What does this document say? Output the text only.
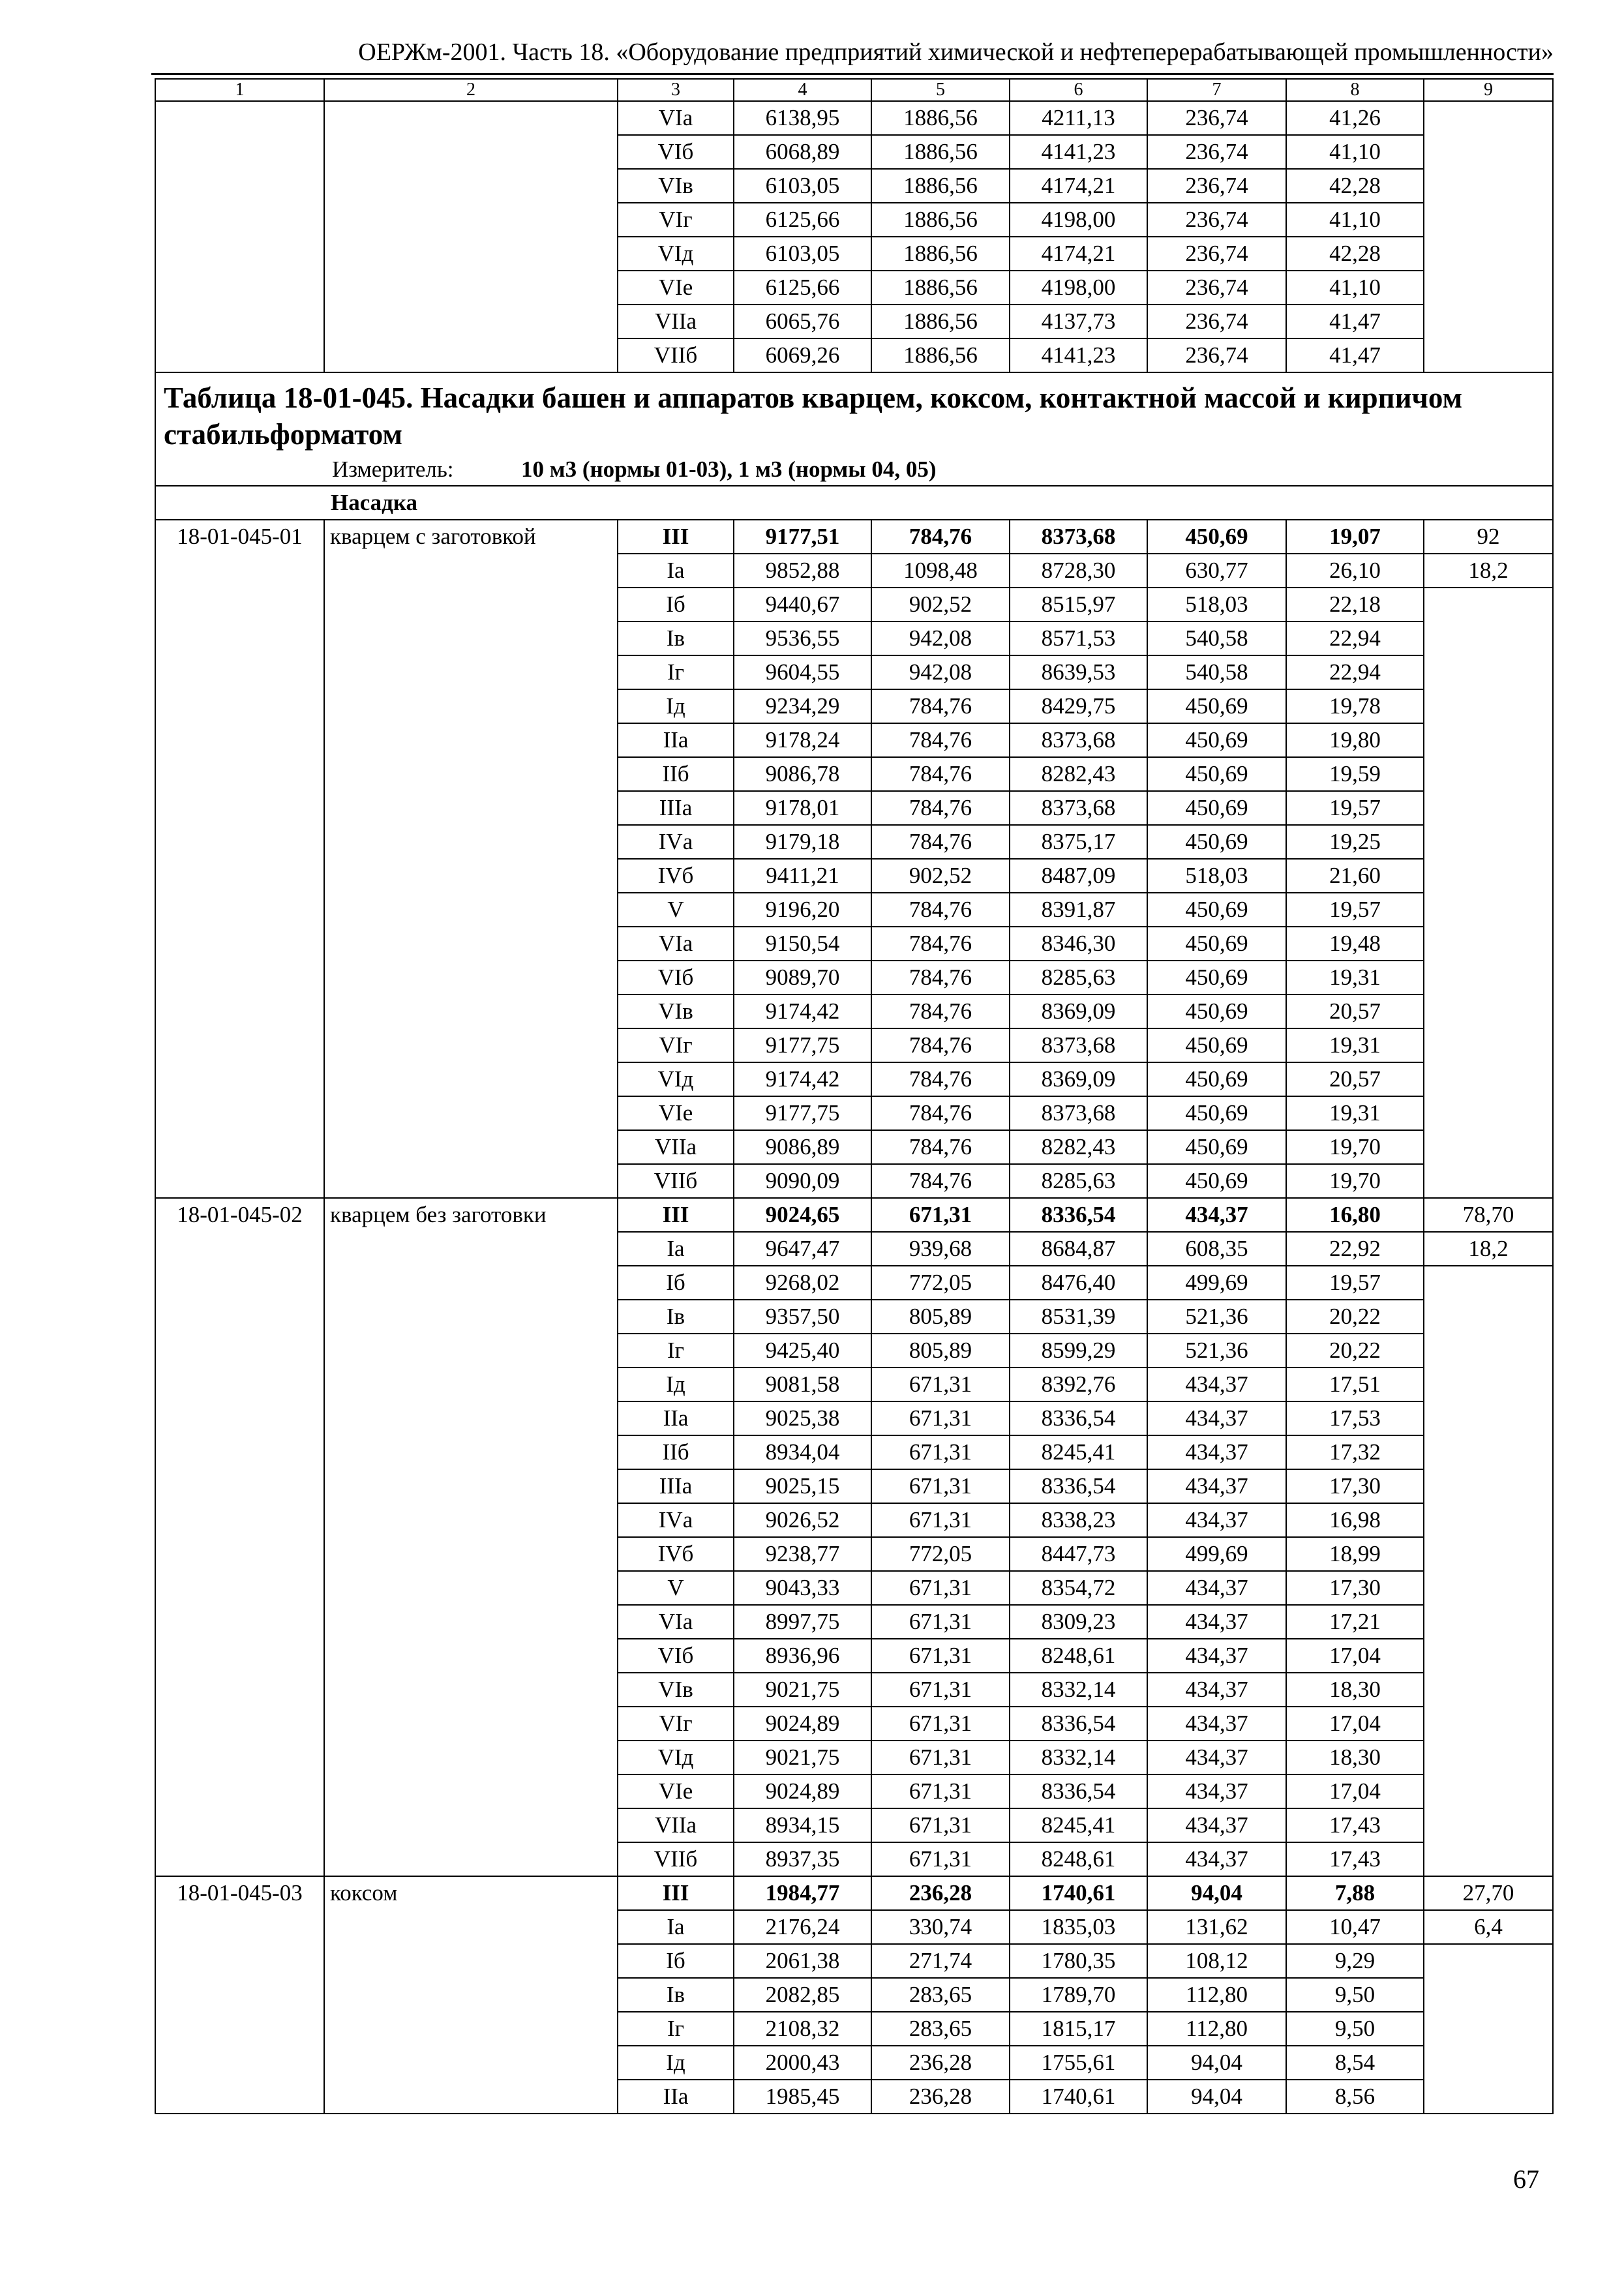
ОЕРЖм-2001. Часть 18. «Оборудование предприятий химической и нефтеперерабатывающей промышленности»
1	2	3	4	5	6	7	8	9
		VIа	6138,95	1886,56	4211,13	236,74	41,26	
		VIб	6068,89	1886,56	4141,23	236,74	41,10	
		VIв	6103,05	1886,56	4174,21	236,74	42,28	
		VIг	6125,66	1886,56	4198,00	236,74	41,10	
		VIд	6103,05	1886,56	4174,21	236,74	42,28	
		VIе	6125,66	1886,56	4198,00	236,74	41,10	
		VIIа	6065,76	1886,56	4137,73	236,74	41,47	
		VIIб	6069,26	1886,56	4141,23	236,74	41,47	

Таблица 18-01-045. Насадки башен и аппаратов кварцем, коксом, контактной массой и кирпичом стабильформатом
Измеритель: 10 м3 (нормы 01-03), 1 м3 (нормы 04, 05)								

Насадка								
18-01-045-01	кварцем с заготовкой	III	9177,51	784,76	8373,68	450,69	19,07	92
		Iа	9852,88	1098,48	8728,30	630,77	26,10	18,2
		Iб	9440,67	902,52	8515,97	518,03	22,18	
		Iв	9536,55	942,08	8571,53	540,58	22,94	
		Iг	9604,55	942,08	8639,53	540,58	22,94	
		Iд	9234,29	784,76	8429,75	450,69	19,78	
		IIа	9178,24	784,76	8373,68	450,69	19,80	
		IIб	9086,78	784,76	8282,43	450,69	19,59	
		IIIа	9178,01	784,76	8373,68	450,69	19,57	
		IVа	9179,18	784,76	8375,17	450,69	19,25	
		IVб	9411,21	902,52	8487,09	518,03	21,60	
		V	9196,20	784,76	8391,87	450,69	19,57	
		VIа	9150,54	784,76	8346,30	450,69	19,48	
		VIб	9089,70	784,76	8285,63	450,69	19,31	
		VIв	9174,42	784,76	8369,09	450,69	20,57	
		VIг	9177,75	784,76	8373,68	450,69	19,31	
		VIд	9174,42	784,76	8369,09	450,69	20,57	
		VIе	9177,75	784,76	8373,68	450,69	19,31	
		VIIа	9086,89	784,76	8282,43	450,69	19,70	
		VIIб	9090,09	784,76	8285,63	450,69	19,70	
18-01-045-02	кварцем без заготовки	III	9024,65	671,31	8336,54	434,37	16,80	78,70
		Iа	9647,47	939,68	8684,87	608,35	22,92	18,2
		Iб	9268,02	772,05	8476,40	499,69	19,57	
		Iв	9357,50	805,89	8531,39	521,36	20,22	
		Iг	9425,40	805,89	8599,29	521,36	20,22	
		Iд	9081,58	671,31	8392,76	434,37	17,51	
		IIа	9025,38	671,31	8336,54	434,37	17,53	
		IIб	8934,04	671,31	8245,41	434,37	17,32	
		IIIа	9025,15	671,31	8336,54	434,37	17,30	
		IVа	9026,52	671,31	8338,23	434,37	16,98	
		IVб	9238,77	772,05	8447,73	499,69	18,99	
		V	9043,33	671,31	8354,72	434,37	17,30	
		VIа	8997,75	671,31	8309,23	434,37	17,21	
		VIб	8936,96	671,31	8248,61	434,37	17,04	
		VIв	9021,75	671,31	8332,14	434,37	18,30	
		VIг	9024,89	671,31	8336,54	434,37	17,04	
		VIд	9021,75	671,31	8332,14	434,37	18,30	
		VIе	9024,89	671,31	8336,54	434,37	17,04	
		VIIа	8934,15	671,31	8245,41	434,37	17,43	
		VIIб	8937,35	671,31	8248,61	434,37	17,43	
18-01-045-03	коксом	III	1984,77	236,28	1740,61	94,04	7,88	27,70
		Iа	2176,24	330,74	1835,03	131,62	10,47	6,4
		Iб	2061,38	271,74	1780,35	108,12	9,29	
		Iв	2082,85	283,65	1789,70	112,80	9,50	
		Iг	2108,32	283,65	1815,17	112,80	9,50	
		Iд	2000,43	236,28	1755,61	94,04	8,54	
		IIа	1985,45	236,28	1740,61	94,04	8,56	
67
